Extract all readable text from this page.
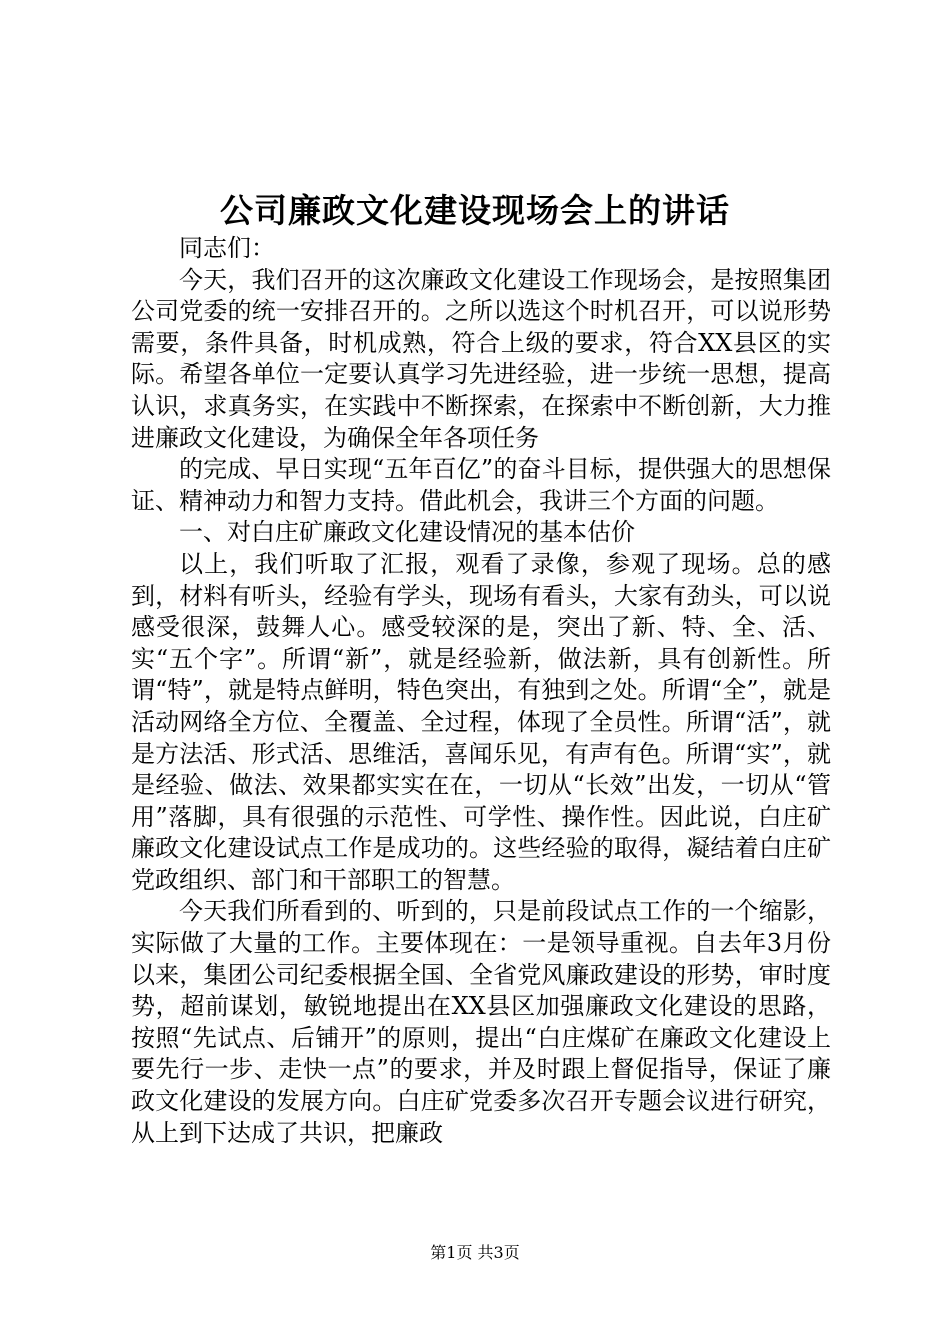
公司廉政文化建设现场会上的讲话

同志们：

今天，我们召开的这次廉政文化建设工作现场会，是按照集团公司党委的统一安排召开的。之所以选这个时机召开，可以说形势需要，条件具备，时机成熟，符合上级的要求，符合XX县区的实际。希望各单位一定要认真学习先进经验，进一步统一思想，提高认识，求真务实，在实践中不断探索，在探索中不断创新，大力推进廉政文化建设，为确保全年各项任务

的完成、早日实现“五年百亿”的奋斗目标，提供强大的思想保证、精神动力和智力支持。借此机会，我讲三个方面的问题。

一、对白庄矿廉政文化建设情况的基本估价

以上，我们听取了汇报，观看了录像，参观了现场。总的感到，材料有听头，经验有学头，现场有看头，大家有劲头，可以说感受很深，鼓舞人心。感受较深的是，突出了新、特、全、活、实“五个字”。所谓“新”，就是经验新，做法新，具有创新性。所谓“特”，就是特点鲜明，特色突出，有独到之处。所谓“全”，就是活动网络全方位、全覆盖、全过程，体现了全员性。所谓“活”，就是方法活、形式活、思维活，喜闻乐见，有声有色。所谓“实”，就是经验、做法、效果都实实在在，一切从“长效”出发，一切从“管用”落脚，具有很强的示范性、可学性、操作性。因此说，白庄矿廉政文化建设试点工作是成功的。这些经验的取得，凝结着白庄矿党政组织、部门和干部职工的智慧。

今天我们所看到的、听到的，只是前段试点工作的一个缩影，实际做了大量的工作。主要体现在：一是领导重视。自去年3月份以来，集团公司纪委根据全国、全省党风廉政建设的形势，审时度势，超前谋划，敏锐地提出在XX县区加强廉政文化建设的思路，按照“先试点、后铺开”的原则，提出“白庄煤矿在廉政文化建设上要先行一步、走快一点”的要求，并及时跟上督促指导，保证了廉政文化建设的发展方向。白庄矿党委多次召开专题会议进行研究，从上到下达成了共识，把廉政

第1页 共3页
